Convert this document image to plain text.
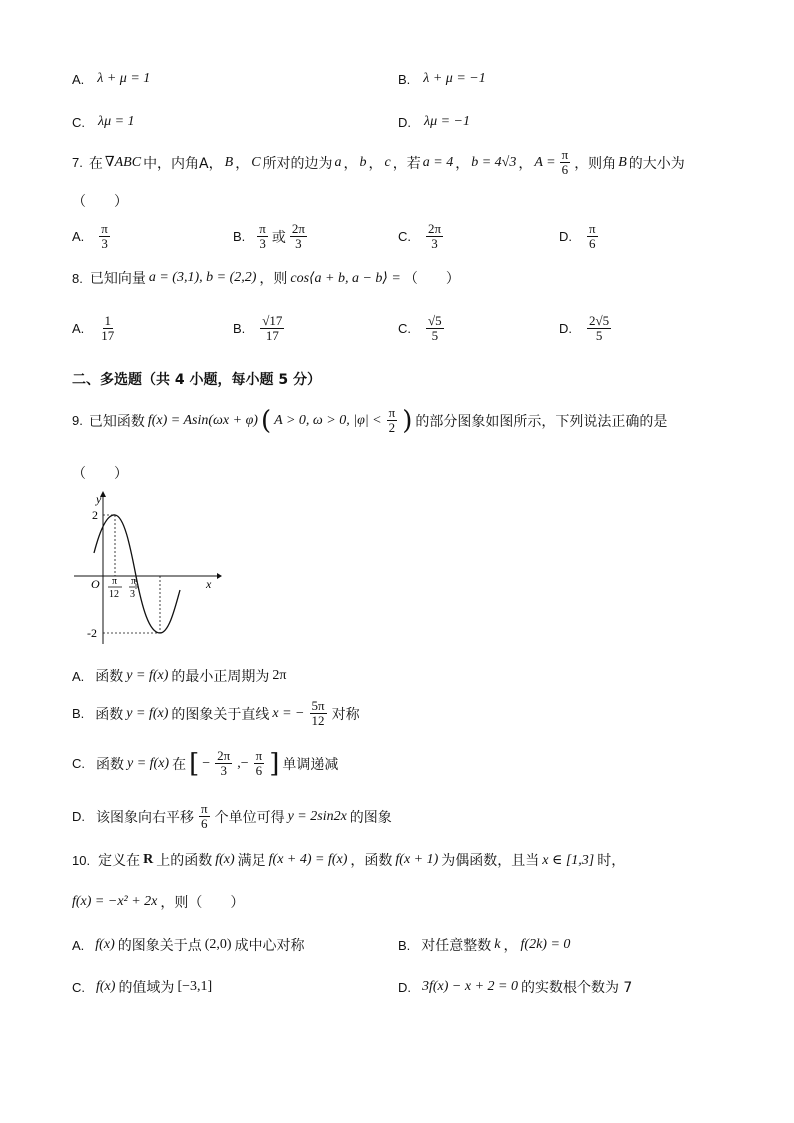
A. λ + μ = 1	B. λ + μ = −1
C. λμ = 1	D. λμ = −1
7. 在 ∇ABC 中，内角A， B ， C 所对的边为 a ， b ， c ，若 a = 4 ， b = 4√3 ， $A = \frac{\pi}{6}$ ，则角 B 的大小为
（　　）
A. $\frac{\pi}{3}$	B. $\frac{\pi}{3}$ 或 $\frac{2\pi}{3}$	C. $\frac{2\pi}{3}$	D. $\frac{\pi}{6}$
8. 已知向量 a = (3,1), b = (2,2) ，则 cos⟨a + b, a − b⟩ = （　　）
A. $\frac{1}{17}$	B. $\frac{√17}{17}$	C. $\frac{√5}{5}$	D. $\frac{2√5}{5}$
二、多选题（共 4 小题，每小题 5 分）
9. 已知函数 f(x) = Asin(ωx + φ) ( A > 0, ω > 0, $|\varphi| < \frac{\pi}{2}$ ) 的部分图象如图所示，下列说法正确的是
（　　）
y
x
O
2
-2
π
12
π
3
A. 函数 y = f(x) 的最小正周期为 2π
B. 函数 y = f(x) 的图象关于直线 x = − $\frac{5\pi}{12}$ 对称
C. 函数 y = f(x) 在 [ − $\frac{2\pi}{3}$ ,− $\frac{\pi}{6}$ ] 单调递减
D. 该图象向右平移 $\frac{\pi}{6}$ 个单位可得 y = 2sin2x 的图象
10. 定义在 R 上的函数 f(x) 满足 f(x + 4) = f(x) ，函数 f(x + 1) 为偶函数，且当 x ∈ [1,3] 时，
f(x) = −x² + 2x ，则（　　）
A. f(x) 的图象关于点 (2,0) 成中心对称	B. 对任意整数 k ， f(2k) = 0
C. f(x) 的值域为 [−3,1]	D. 3f(x) − x + 2 = 0 的实数根个数为 7
